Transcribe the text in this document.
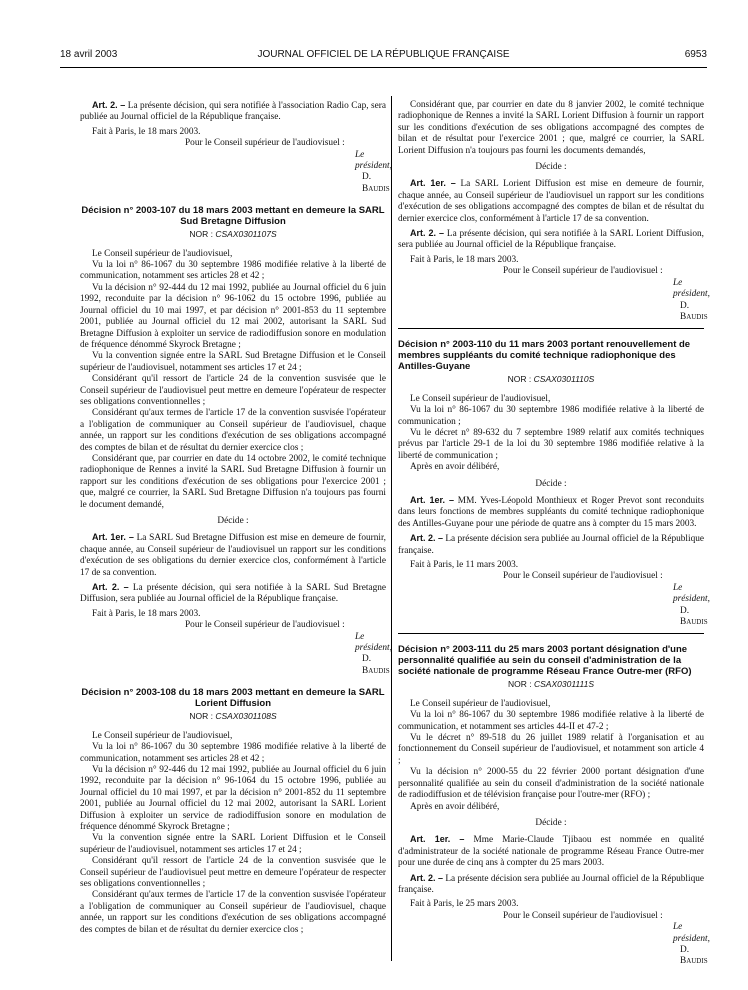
18 avril 2003	JOURNAL OFFICIEL DE LA RÉPUBLIQUE FRANÇAISE	6953

Art. 2. – La présente décision, qui sera notifiée à l'association Radio Cap, sera publiée au Journal officiel de la République française.

Fait à Paris, le 18 mars 2003.

Pour le Conseil supérieur de l'audiovisuel :

Le président,

D. Baudis

Décision n° 2003-107 du 18 mars 2003 mettant en demeure la SARL Sud Bretagne Diffusion
NOR : CSAX0301107S

Le Conseil supérieur de l'audiovisuel,

Vu la loi n° 86-1067 du 30 septembre 1986 modifiée relative à la liberté de communication, notamment ses articles 28 et 42 ;

Vu la décision n° 92-444 du 12 mai 1992, publiée au Journal officiel du 6 juin 1992, reconduite par la décision n° 96-1062 du 15 octobre 1996, publiée au Journal officiel du 10 mai 1997, et par décision n° 2001-853 du 11 septembre 2001, publiée au Journal officiel du 12 mai 2002, autorisant la SARL Sud Bretagne Diffusion à exploiter un service de radiodiffusion sonore en modulation de fréquence dénommé Skyrock Bretagne ;

Vu la convention signée entre la SARL Sud Bretagne Diffusion et le Conseil supérieur de l'audiovisuel, notamment ses articles 17 et 24 ;

Considérant qu'il ressort de l'article 24 de la convention susvisée que le Conseil supérieur de l'audiovisuel peut mettre en demeure l'opérateur de respecter ses obligations conventionnelles ;

Considérant qu'aux termes de l'article 17 de la convention susvisée l'opérateur a l'obligation de communiquer au Conseil supérieur de l'audiovisuel, chaque année, un rapport sur les conditions d'exécution de ses obligations accompagné des comptes de bilan et de résultat du dernier exercice clos ;

Considérant que, par courrier en date du 14 octobre 2002, le comité technique radiophonique de Rennes a invité la SARL Sud Bretagne Diffusion à fournir un rapport sur les conditions d'exécution de ses obligations pour l'exercice 2001 ; que, malgré ce courrier, la SARL Sud Bretagne Diffusion n'a toujours pas fourni le document demandé,

Décide :

Art. 1er. – La SARL Sud Bretagne Diffusion est mise en demeure de fournir, chaque année, au Conseil supérieur de l'audiovisuel un rapport sur les conditions d'exécution de ses obligations du dernier exercice clos, conformément à l'article 17 de sa convention.

Art. 2. – La présente décision, qui sera notifiée à la SARL Sud Bretagne Diffusion, sera publiée au Journal officiel de la République française.

Fait à Paris, le 18 mars 2003.

Pour le Conseil supérieur de l'audiovisuel :

Le président,

D. Baudis

Décision n° 2003-108 du 18 mars 2003 mettant en demeure la SARL Lorient Diffusion
NOR : CSAX0301108S

Le Conseil supérieur de l'audiovisuel,

Vu la loi n° 86-1067 du 30 septembre 1986 modifiée relative à la liberté de communication, notamment ses articles 28 et 42 ;

Vu la décision n° 92-446 du 12 mai 1992, publiée au Journal officiel du 6 juin 1992, reconduite par la décision n° 96-1064 du 15 octobre 1996, publiée au Journal officiel du 10 mai 1997, et par la décision n° 2001-852 du 11 septembre 2001, publiée au Journal officiel du 12 mai 2002, autorisant la SARL Lorient Diffusion à exploiter un service de radiodiffusion sonore en modulation de fréquence dénommé Skyrock Bretagne ;

Vu la convention signée entre la SARL Lorient Diffusion et le Conseil supérieur de l'audiovisuel, notamment ses articles 17 et 24 ;

Considérant qu'il ressort de l'article 24 de la convention susvisée que le Conseil supérieur de l'audiovisuel peut mettre en demeure l'opérateur de respecter ses obligations conventionnelles ;

Considérant qu'aux termes de l'article 17 de la convention susvisée l'opérateur a l'obligation de communiquer au Conseil supérieur de l'audiovisuel, chaque année, un rapport sur les conditions d'exécution de ses obligations accompagné des comptes de bilan et de résultat du dernier exercice clos ;

Considérant que, par courrier en date du 8 janvier 2002, le comité technique radiophonique de Rennes a invité la SARL Lorient Diffusion à fournir un rapport sur les conditions d'exécution de ses obligations accompagné des comptes de bilan et de résultat pour l'exercice 2001 ; que, malgré ce courrier, la SARL Lorient Diffusion n'a toujours pas fourni les documents demandés,

Décide :

Art. 1er. – La SARL Lorient Diffusion est mise en demeure de fournir, chaque année, au Conseil supérieur de l'audiovisuel un rapport sur les conditions d'exécution de ses obligations accompagné des comptes de bilan et de résultat du dernier exercice clos, conformément à l'article 17 de sa convention.

Art. 2. – La présente décision, qui sera notifiée à la SARL Lorient Diffusion, sera publiée au Journal officiel de la République française.

Fait à Paris, le 18 mars 2003.

Pour le Conseil supérieur de l'audiovisuel :

Le président,

D. Baudis

Décision n° 2003-110 du 11 mars 2003 portant renouvellement de membres suppléants du comité technique radiophonique des Antilles-Guyane
NOR : CSAX0301110S

Le Conseil supérieur de l'audiovisuel,

Vu la loi n° 86-1067 du 30 septembre 1986 modifiée relative à la liberté de communication ;

Vu le décret n° 89-632 du 7 septembre 1989 relatif aux comités techniques prévus par l'article 29-1 de la loi du 30 septembre 1986 modifiée relative à la liberté de communication ;

Après en avoir délibéré,

Décide :

Art. 1er. – MM. Yves-Léopold Monthieux et Roger Prevot sont reconduits dans leurs fonctions de membres suppléants du comité technique radiophonique des Antilles-Guyane pour une période de quatre ans à compter du 15 mars 2003.

Art. 2. – La présente décision sera publiée au Journal officiel de la République française.

Fait à Paris, le 11 mars 2003.

Pour le Conseil supérieur de l'audiovisuel :

Le président,

D. Baudis

Décision n° 2003-111 du 25 mars 2003 portant désignation d'une personnalité qualifiée au sein du conseil d'administration de la société nationale de programme Réseau France Outre-mer (RFO)
NOR : CSAX0301111S

Le Conseil supérieur de l'audiovisuel,

Vu la loi n° 86-1067 du 30 septembre 1986 modifiée relative à la liberté de communication, et notamment ses articles 44-II et 47-2 ;

Vu le décret n° 89-518 du 26 juillet 1989 relatif à l'organisation et au fonctionnement du Conseil supérieur de l'audiovisuel, et notamment son article 4 ;

Vu la décision n° 2000-55 du 22 février 2000 portant désignation d'une personnalité qualifiée au sein du conseil d'administration de la société nationale de radiodiffusion et de télévision française pour l'outre-mer (RFO) ;

Après en avoir délibéré,

Décide :

Art. 1er. – Mme Marie-Claude Tjibaou est nommée en qualité d'administrateur de la société nationale de programme Réseau France Outre-mer pour une durée de cinq ans à compter du 25 mars 2003.

Art. 2. – La présente décision sera publiée au Journal officiel de la République française.

Fait à Paris, le 25 mars 2003.

Pour le Conseil supérieur de l'audiovisuel :

Le président,

D. Baudis
